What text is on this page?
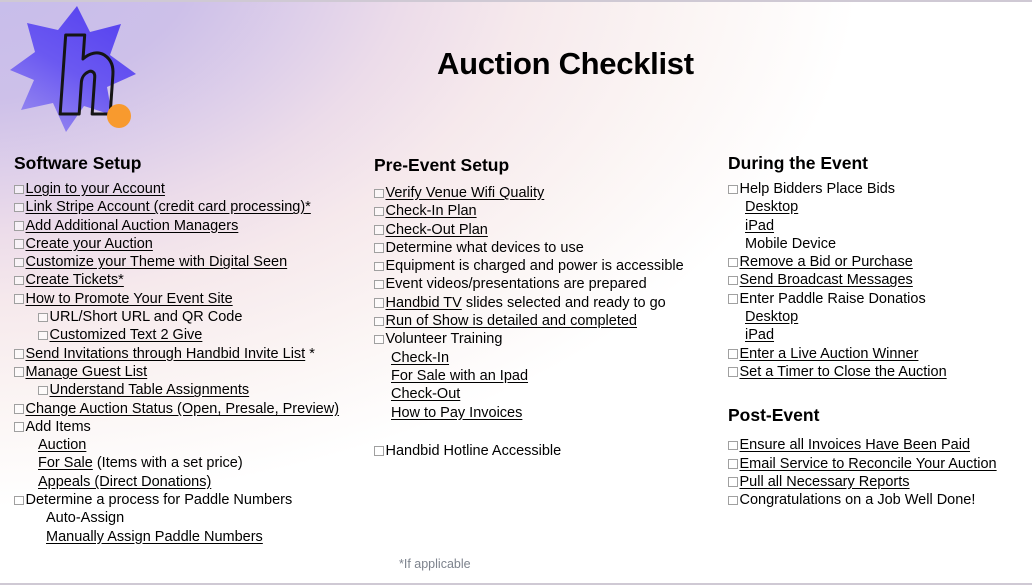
Auction Checklist
Software Setup
Login to your Account
Link Stripe Account (credit card processing)*
Add Additional Auction Managers
Create your Auction
Customize your Theme with Digital Seen
Create Tickets*
How to Promote Your Event Site
URL/Short URL and QR Code
Customized Text 2 Give
Send Invitations through Handbid Invite List *
Manage Guest List
Understand Table Assignments
Change Auction Status (Open, Presale, Preview)
Add Items
Auction
For Sale (Items with a set price)
Appeals (Direct Donations)
Determine a process for Paddle Numbers
Auto-Assign
Manually Assign Paddle Numbers
Pre-Event Setup
Verify Venue Wifi Quality
Check-In Plan
Check-Out Plan
Determine what devices to use
Equipment is charged and power is accessible
Event videos/presentations are prepared
Handbid TV slides selected and ready to go
Run of Show is detailed and completed
Volunteer Training
Check-In
For Sale with an Ipad
Check-Out
How to Pay Invoices
Handbid Hotline Accessible
During the Event
Help Bidders Place Bids
Desktop
iPad
Mobile Device
Remove a Bid or Purchase
Send Broadcast Messages
Enter Paddle Raise Donatios
Desktop
iPad
Enter a Live Auction Winner
Set a Timer to Close the Auction
Post-Event
Ensure all Invoices Have Been Paid
Email Service to Reconcile Your Auction
Pull all Necessary Reports
Congratulations on a Job Well Done!
*If applicable
